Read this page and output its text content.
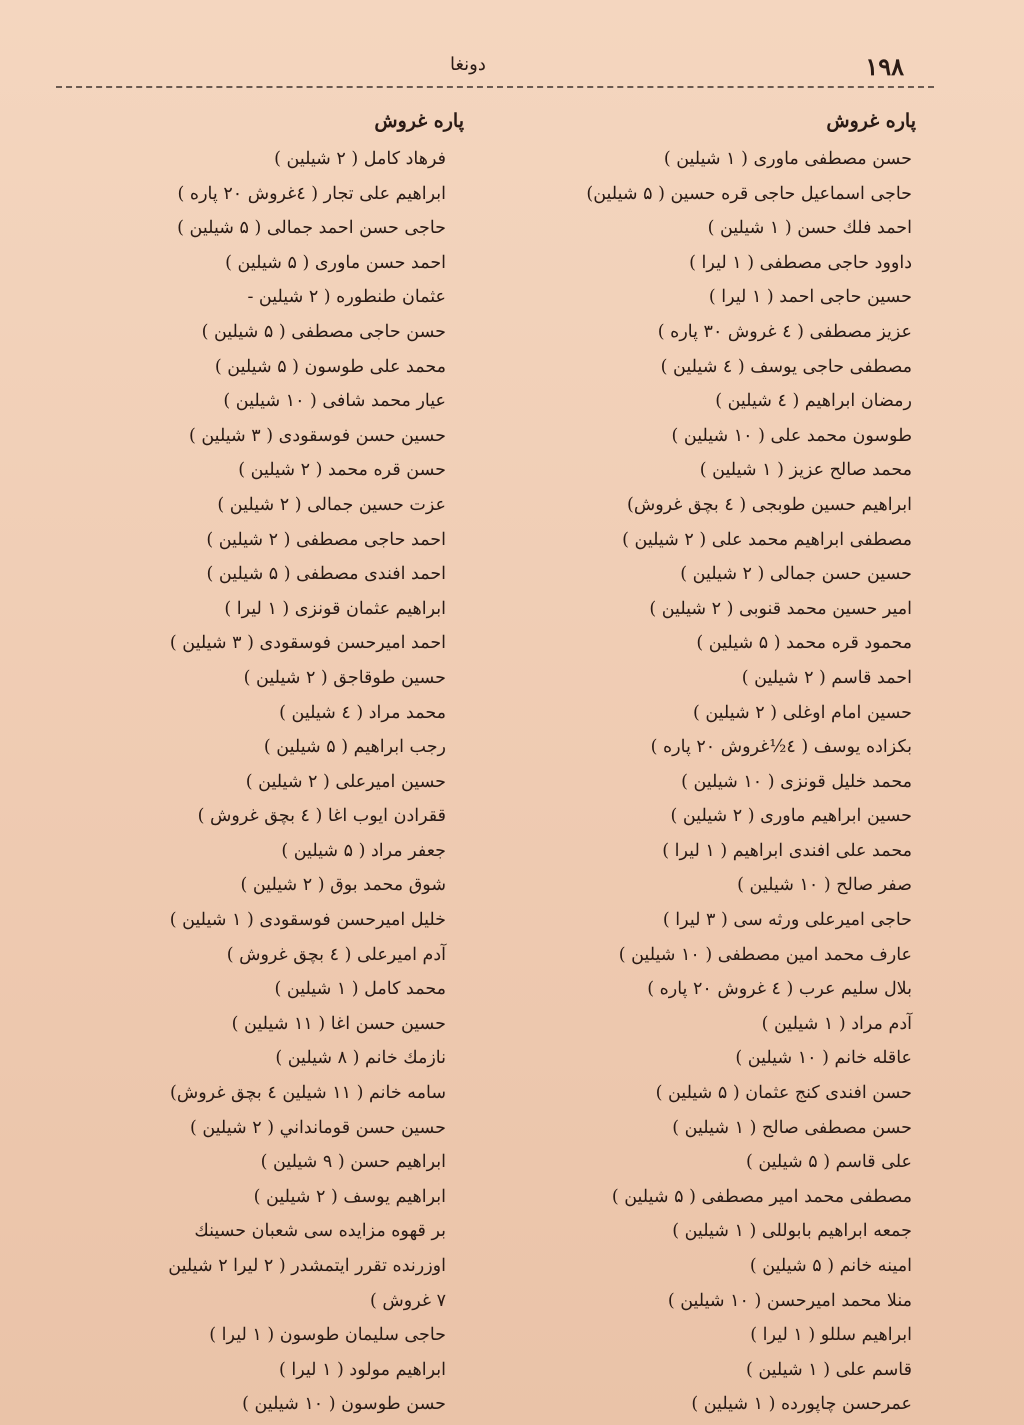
۱۹۸
دونغا
پاره غروش
حسن مصطفی ماوری ( ۱ شیلین )
حاجی اسماعیل حاجی قره حسین ( ۵ شیلین)
احمد فلك حسن ( ۱ شیلین )
داوود حاجی مصطفی ( ۱ لیرا )
حسین حاجی احمد ( ۱ لیرا )
عزیز مصطفی ( ٤ غروش ۳۰ پاره )
مصطفی حاجی یوسف ( ٤ شیلین )
رمضان ابراهیم ( ٤ شیلین )
طوسون محمد علی ( ۱۰ شیلین )
محمد صالح عزیز ( ۱ شیلین )
ابراهیم حسین طوبجی ( ٤ بچق غروش)
مصطفی ابراهیم محمد علی ( ۲ شیلین )
حسین حسن جمالی ( ۲ شیلین )
امیر حسین محمد قنوبی ( ۲ شیلین )
محمود قره محمد ( ۵ شیلین )
احمد قاسم ( ۲ شیلین )
حسین امام اوغلی ( ۲ شیلین )
بکزاده یوسف ( ٤½غروش ۲۰ پاره )
محمد خلیل قونزی ( ۱۰ شیلین )
حسین ابراهیم ماوری ( ۲ شیلین )
محمد علی افندی ابراهیم ( ۱ لیرا )
صفر صالح ( ۱۰ شیلین )
حاجی امیرعلی ورثه سی ( ۳ لیرا )
عارف محمد امین مصطفی ( ۱۰ شیلین )
بلال سلیم عرب ( ٤ غروش ۲۰ پاره )
آدم مراد ( ۱ شیلین )
عاقله خانم ( ۱۰ شیلین )
حسن افندی کنج عثمان ( ۵ شیلین )
حسن مصطفی صالح ( ۱ شیلین )
علی قاسم ( ۵ شیلین )
مصطفی محمد امیر مصطفی ( ۵ شیلین )
جمعه ابراهیم بابوللی ( ۱ شیلین )
امینه خانم ( ۵ شیلین )
منلا محمد امیرحسن ( ۱۰ شیلین )
ابراهیم سللو ( ۱ لیرا )
قاسم علی ( ۱ شیلین )
عمرحسن چاپورده ( ۱ شیلین )
پاره غروش
فرهاد کامل ( ۲ شیلین )
ابراهیم علی تجار ( ٤غروش ۲۰ پاره )
حاجی حسن احمد جمالی ( ۵ شیلین )
احمد حسن ماوری ( ۵ شیلین )
عثمان طنطوره ( ۲ شیلین -
حسن حاجی مصطفی ( ۵ شیلین )
محمد علی طوسون ( ۵ شیلین )
عیار محمد شافی ( ۱۰ شیلین )
حسین حسن فوسقودی ( ۳ شیلین )
حسن قره محمد ( ۲ شیلین )
عزت حسین جمالی ( ۲ شیلین )
احمد حاجی مصطفی ( ۲ شیلین )
احمد افندی مصطفی ( ۵ شیلین )
ابراهیم عثمان قونزی ( ۱ لیرا )
احمد امیرحسن فوسقودی ( ۳ شیلین )
حسین طوقاجق ( ۲ شیلین )
محمد مراد ( ٤ شیلین )
رجب ابراهیم ( ۵ شیلین )
حسین امیرعلی ( ۲ شیلین )
ققرادن ایوب اغا ( ٤ بچق غروش )
جعفر مراد ( ۵ شیلین )
شوق محمد بوق ( ۲ شیلین )
خلیل امیرحسن فوسقودی ( ۱ شیلین )
آدم امیرعلی ( ٤ بچق غروش )
محمد کامل ( ۱ شیلین )
حسین حسن اغا ( ۱۱ شیلین )
نازمك خانم ( ۸ شیلین )
سامه خانم ( ۱۱ شیلین ٤ بچق غروش)
حسین حسن قومانداني ( ۲ شیلین )
ابراهیم حسن ( ۹ شیلین )
ابراهیم یوسف ( ۲ شیلین )
بر قهوه مزایده سی شعبان حسینك
اوزرنده تقرر ایتمشدر ( ۲ لیرا ۲ شیلین
۷ غروش )
حاجی سلیمان طوسون ( ۱ لیرا )
ابراهیم مولود ( ۱ لیرا )
حسن طوسون ( ۱۰ شیلین )
